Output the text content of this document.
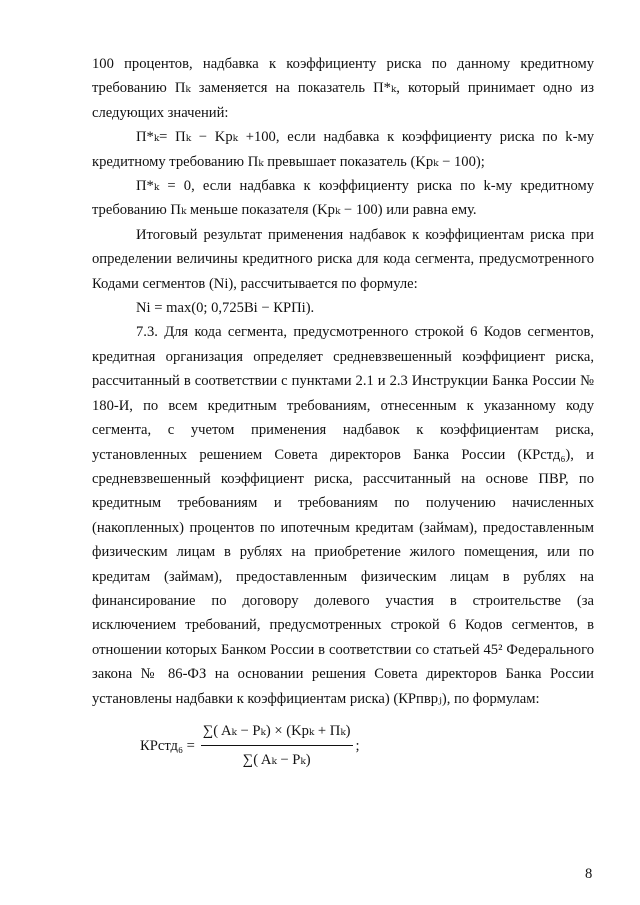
100 процентов, надбавка к коэффициенту риска по данному кредитному требованию Пₖ заменяется на показатель П*ₖ, который принимает одно из следующих значений:

П*ₖ= Пₖ − Kpₖ +100, если надбавка к коэффициенту риска по k-му кредитному требованию Пₖ превышает показатель (Kpₖ − 100);

П*ₖ = 0, если надбавка к коэффициенту риска по k-му кредитному требованию Пₖ меньше показателя (Kpₖ − 100) или равна ему.

Итоговый результат применения надбавок к коэффициентам риска при определении величины кредитного риска для кода сегмента, предусмотренного Кодами сегментов (Ni), рассчитывается по формуле:

Ni = max(0; 0,725Bi − КРПi).

7.3. Для кода сегмента, предусмотренного строкой 6 Кодов сегментов, кредитная организация определяет средневзвешенный коэффициент риска, рассчитанный в соответствии с пунктами 2.1 и 2.3 Инструкции Банка России № 180-И, по всем кредитным требованиям, отнесенным к указанному коду сегмента, с учетом применения надбавок к коэффициентам риска, установленных решением Совета директоров Банка России (КРстд₆), и средневзвешенный коэффициент риска, рассчитанный на основе ПВР, по кредитным требованиям и требованиям по получению начисленных (накопленных) процентов по ипотечным кредитам (займам), предоставленным физическим лицам в рублях на приобретение жилого помещения, или по кредитам (займам), предоставленным физическим лицам в рублях на финансирование по договору долевого участия в строительстве (за исключением требований, предусмотренных строкой 6 Кодов сегментов, в отношении которых Банком России в соответствии со статьей 45² Федерального закона № 86-ФЗ на основании решения Совета директоров Банка России установлены надбавки к коэффициентам риска) (КРпврⱼ), по формулам:

КРстд₆ = $\frac{\text{∑( Aₖ − Pₖ) × (Kpₖ + Пₖ)}}{\text{∑( Aₖ − Pₖ)}}$ ;
8
